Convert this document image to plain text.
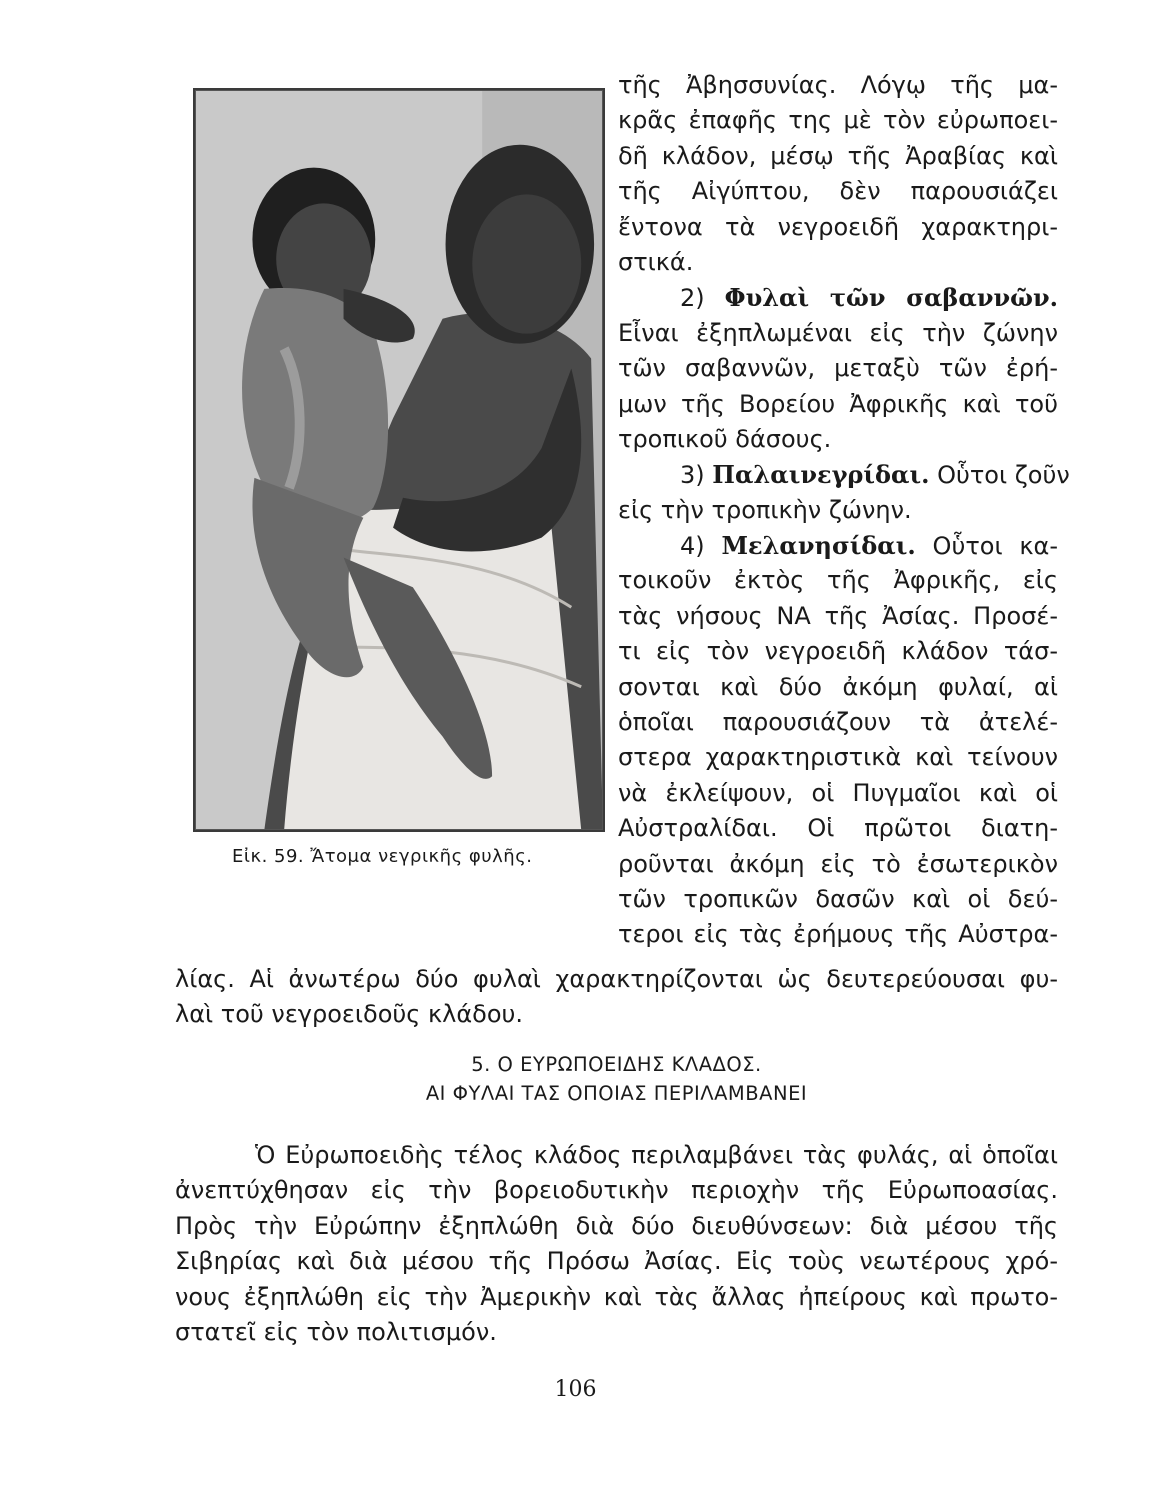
Εἰκ. 59. Ἄτομα νεγρικῆς φυλῆς.
τῆς Ἀβησσυνίας. Λόγῳ τῆς μα-
κρᾶς ἐπαφῆς της μὲ τὸν εὐρωποει-
δῆ κλάδον, μέσῳ τῆς Ἀραβίας καὶ
τῆς Αἰγύπτου, δὲν παρουσιάζει
ἔντονα τὰ νεγροειδῆ χαρακτηρι-
στικά.
2) Φυλαὶ τῶν σαβαννῶν.
Εἶναι ἐξηπλωμέναι εἰς τὴν ζώνην
τῶν σαβαννῶν, μεταξὺ τῶν ἐρή-
μων τῆς Βορείου Ἀφρικῆς καὶ τοῦ
τροπικοῦ δάσους.
3) Παλαινεγρίδαι. Οὗτοι ζοῦν
εἰς τὴν τροπικὴν ζώνην.
4) Μελανησίδαι. Οὗτοι κα-
τοικοῦν ἐκτὸς τῆς Ἀφρικῆς, εἰς
τὰς νήσους ΝΑ τῆς Ἀσίας. Προσέ-
τι εἰς τὸν νεγροειδῆ κλάδον τάσ-
σονται καὶ δύο ἀκόμη φυλαί, αἱ
ὁποῖαι παρουσιάζουν τὰ ἀτελέ-
στερα χαρακτηριστικὰ καὶ τείνουν
νὰ ἐκλείψουν, οἱ Πυγμαῖοι καὶ οἱ
Αὐστραλίδαι. Οἱ πρῶτοι διατη-
ροῦνται ἀκόμη εἰς τὸ ἐσωτερικὸν
τῶν τροπικῶν δασῶν καὶ οἱ δεύ-
τεροι εἰς τὰς ἐρήμους τῆς Αὐστρα-
λίας. Αἱ ἀνωτέρω δύο φυλαὶ χαρακτηρίζονται ὡς δευτερεύουσαι φυ-
λαὶ τοῦ νεγροειδοῦς κλάδου.
5. Ο ΕΥΡΩΠΟΕΙΔΗΣ ΚΛΑΔΟΣ.
ΑΙ ΦΥΛΑΙ ΤΑΣ ΟΠΟΙΑΣ ΠΕΡΙΛΑΜΒΑΝΕΙ
Ὁ Εὐρωποειδὴς τέλος κλάδος περιλαμβάνει τὰς φυλάς, αἱ ὁποῖαι
ἀνεπτύχθησαν εἰς τὴν βορειοδυτικὴν περιοχὴν τῆς Εὐρωποασίας.
Πρὸς τὴν Εὐρώπην ἐξηπλώθη διὰ δύο διευθύνσεων: διὰ μέσου τῆς
Σιβηρίας καὶ διὰ μέσου τῆς Πρόσω Ἀσίας. Εἰς τοὺς νεωτέρους χρό-
νους ἐξηπλώθη εἰς τὴν Ἀμερικὴν καὶ τὰς ἄλλας ἠπείρους καὶ πρωτο-
στατεῖ εἰς τὸν πολιτισμόν.
106
